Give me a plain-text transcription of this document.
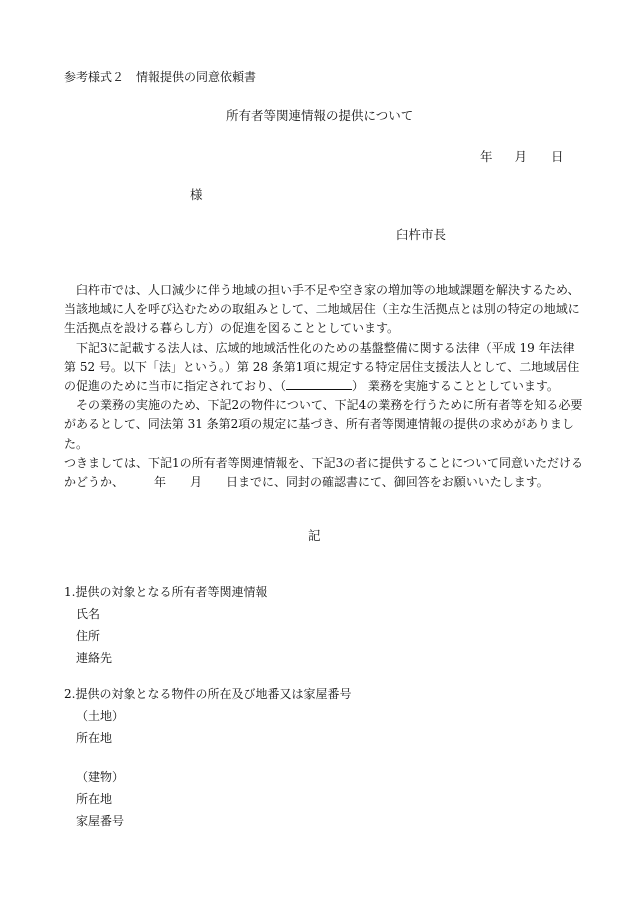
参考様式２　情報提供の同意依頼書
所有者等関連情報の提供について
年 月 日
様
臼杵市長

臼杵市では、人口減少に伴う地域の担い手不足や空き家の増加等の地域課題を解決するため、当該地域に人を呼び込むための取組みとして、二地域居住（主な生活拠点とは別の特定の地域に生活拠点を設ける暮らし方）の促進を図ることとしています。

下記3に記載する法人は、広域的地域活性化のための基盤整備に関する法律（平成 19 年法律第 52 号。以下「法」という。）第 28 条第1項に規定する特定居住支援法人として、二地域居住の促進のために当市に指定されており、（	） 業務を実施することとしています。

その業務の実施のため、下記2の物件について、下記4の業務を行うために所有者等を知る必要があるとして、同法第 31 条第2項の規定に基づき、所有者等関連情報の提供の求めがありました。

つきましては、下記1の所有者等関連情報を、下記3の者に提供することについて同意いただけるかどうか、　　　年　　月　　日までに、同封の確認書にて、御回答をお願いいたします。

記
1.提供の対象となる所有者等関連情報
氏名
住所
連絡先
2.提供の対象となる物件の所在及び地番又は家屋番号
（土地）
所在地
（建物）
所在地
家屋番号
